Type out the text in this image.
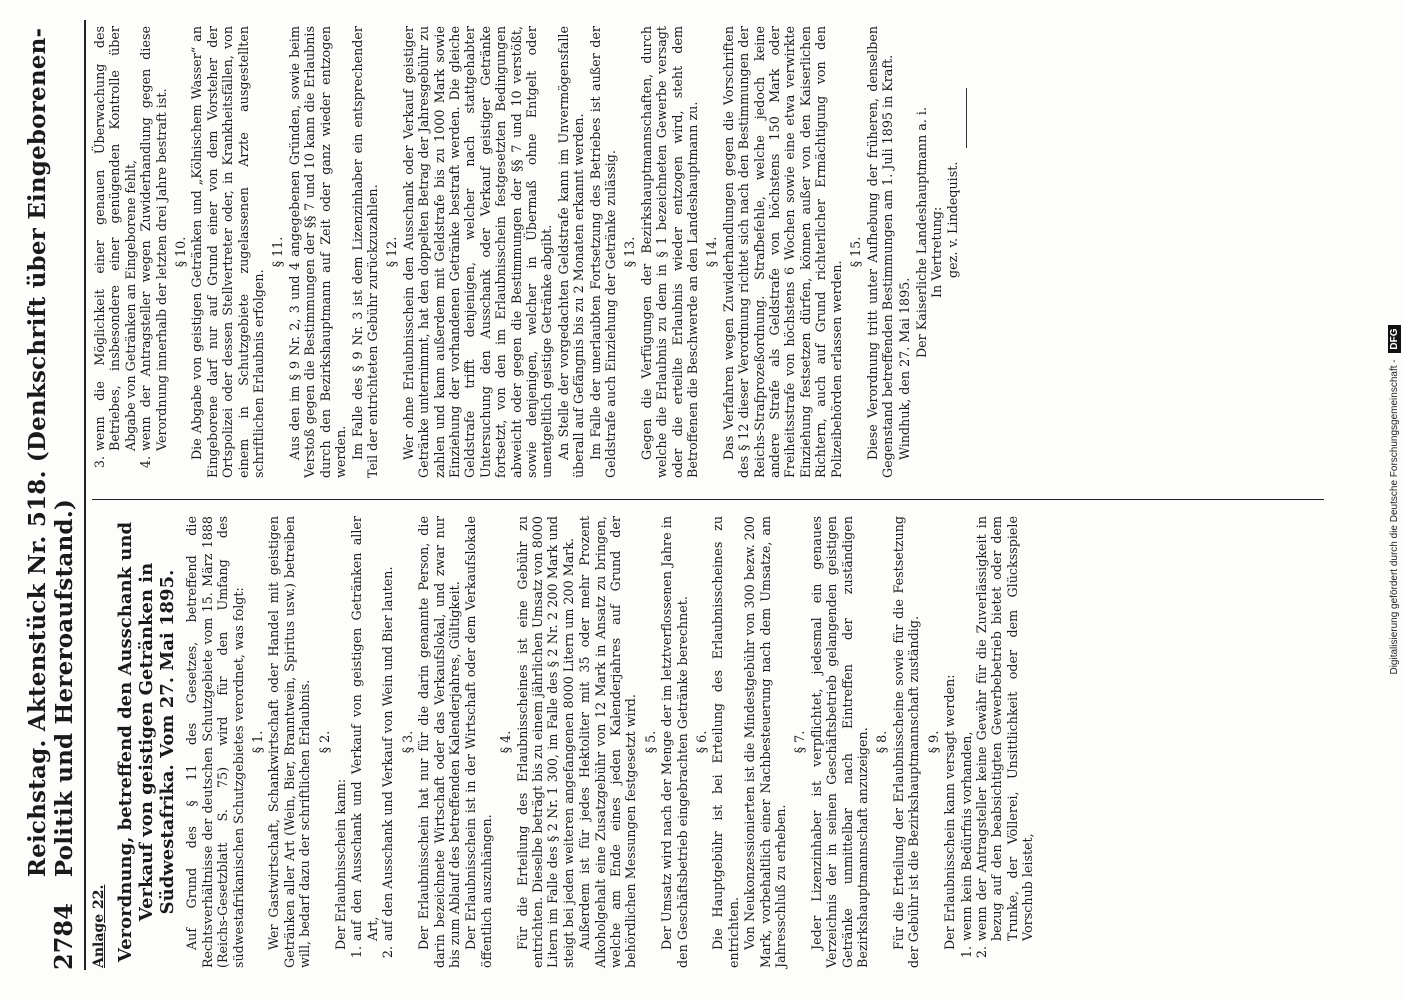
2784
Reichstag. Aktenstück Nr. 518. (Denkschrift über Eingeborenen-Politik und Hereroaufstand.)
Anlage 22. Verordnung, betreffend den Ausschank und Verkauf von geistigen Getränken in Südwestafrika. Vom 27. Mai 1895. Auf Grund des § 11 des Gesetzes, betreffend die Rechtsverhältnisse der deutschen Schutzgebiete vom 15. März 1888 (Reichs-Gesetzblatt S. 75) wird für den Umfang des südwestafrikanischen Schutzgebietes verordnet, was folgt: § 1. Wer Gastwirtschaft, Schankwirtschaft oder Handel mit geistigen Getränken aller Art (Wein, Bier, Branntwein, Spiritus usw.) betreiben will, bedarf dazu der schriftlichen Erlaubnis. § 2.

Der Erlaubnisschein kann:

1.
auf den Ausschank und Verkauf von geistigen Getränken aller Art,
2.
auf den Ausschank und Verkauf von Wein und Bier lauten. § 3. Der Erlaubnisschein hat nur für die darin genannte Person, die darin bezeichnete Wirtschaft oder das Verkaufslokal, und zwar nur bis zum Ablauf des betreffenden Kalenderjahres, Gültigkeit. Der Erlaubnisschein ist in der Wirtschaft oder dem Verkaufslokale öffentlich auszuhängen.

§ 4. Für die Erteilung des Erlaubnisscheines ist eine Gebühr zu entrichten. Dieselbe beträgt bis zu einem jährlichen Umsatz von 8000 Litern im Falle des § 2 Nr. 1 300, im Falle des § 2 Nr. 2 200 Mark und steigt bei jeden weiteren angefangenen 8000 Litern um 200 Mark. Außerdem ist für jedes Hektoliter mit 35 oder mehr Prozent Alkoholgehalt eine Zusatzgebühr von 12 Mark in Ansatz zu bringen, welche am Ende eines jeden Kalenderjahres auf Grund der behördlichen Messungen festgesetzt wird. § 5. Der Umsatz wird nach der Menge der im letztverflossenen Jahre in den Geschäftsbetrieb eingebrachten Getränke berechnet. § 6. Die Hauptgebühr ist bei Erteilung des Erlaubnisscheines zu entrichten. Von Neukonzessionierten ist die Mindestgebühr von 300 bezw. 200 Mark, vorbehaltlich einer Nachbesteuerung nach dem Umsatze, am Jahresschluß zu erheben.

§ 7. Jeder Lizenzinhaber ist verpflichtet, jedesmal ein genaues Verzeichnis der in seinen Geschäftsbetrieb gelangenden geistigen Getränke unmittelbar nach Eintreffen der zuständigen Bezirkshauptmannschaft anzuzeigen. § 8. Für die Erteilung der Erlaubnisscheine sowie für die Festsetzung der Gebühr ist die Bezirkshauptmannschaft zuständig. § 9. Der Erlaubnisschein kann versagt werden:

1.
wenn kein Bedürfnis vorhanden,
2.
wenn der Antragsteller keine Gewähr für die Zuverlässigkeit in bezug auf den beabsichtigten Gewerbebetrieb bietet oder dem Trunke, der Völlerei, Unsittlichkeit oder dem Glücksspiele Vorschub leistet,
3.
wenn die Möglichkeit einer genauen Überwachung des Betriebes, insbesondere einer genügenden Kontrolle über Abgabe von Getränken an Eingeborene fehlt,
4.
wenn der Antragsteller wegen Zuwiderhandlung gegen diese Verordnung innerhalb der letzten drei Jahre bestraft ist. § 10. Die Abgabe von geistigen Getränken und „Kölnischem Wasser“ an Eingeborene darf nur auf Grund einer von dem Vorsteher der Ortspolizei oder dessen Stellvertreter oder, in Krankheitsfällen, von einem in Schutzgebiete zugelassenen Arzte ausgestellten schriftlichen Erlaubnis erfolgen.

§ 11. Aus den im § 9 Nr. 2, 3 und 4 angegebenen Gründen, sowie beim Verstoß gegen die Bestimmungen der §§ 7 und 10 kann die Erlaubnis durch den Bezirkshauptmann auf Zeit oder ganz wieder entzogen werden. Im Falle des § 9 Nr. 3 ist dem Lizenzinhaber ein entsprechender Teil der entrichteten Gebühr zurückzuzahlen. § 12. Wer ohne Erlaubnisschein den Ausschank oder Verkauf geistiger Getränke unternimmt, hat den doppelten Betrag der Jahresgebühr zu zahlen und kann außerdem mit Geldstrafe bis zu 1000 Mark sowie Einziehung der vorhandenen Getränke bestraft werden. Die gleiche Geldstrafe trifft denjenigen, welcher nach stattgehabter Untersuchung den Ausschank oder Verkauf geistiger Getränke fortsetzt, von den im Erlaubnisschein festgesetzten Bedingungen abweicht oder gegen die Bestimmungen der §§ 7 und 10 verstößt, sowie denjenigen, welcher in Übermaß ohne Entgelt oder unentgeltlich geistige Getränke abgibt. An Stelle der vorgedachten Geldstrafe kann im Unvermögensfalle überall auf Gefängnis bis zu 2 Monaten erkannt werden. Im Falle der unerlaubten Fortsetzung des Betriebes ist außer der Geldstrafe auch Einziehung der Getränke zulässig. § 13. Gegen die Verfügungen der Bezirkshauptmannschaften, durch welche die Erlaubnis zu dem in § 1 bezeichneten Gewerbe versagt oder die erteilte Erlaubnis wieder entzogen wird, steht dem Betroffenen die Beschwerde an den Landeshauptmann zu. § 14. Das Verfahren wegen Zuwiderhandlungen gegen die Vorschriften des § 12 dieser Verordnung richtet sich nach den Bestimmungen der Reichs-Strafprozeßordnung. Strafbefehle, welche jedoch keine andere Strafe als Geldstrafe von höchstens 150 Mark oder Freiheitsstrafe von höchstens 6 Wochen sowie eine etwa verwirkte Einziehung festsetzen dürfen, können außer von den Kaiserlichen Richtern, auch auf Grund richterlicher Ermächtigung von den Polizeibehörden erlassen werden.

§ 15. Diese Verordnung tritt unter Aufhebung der früheren, denselben Gegenstand betreffenden Bestimmungen am 1. Juli 1895 in Kraft. Windhuk, den 27. Mai 1895.

Der Kaiserliche Landeshauptmann a. i. In Vertretung: gez. v. Lindequist.
Digitalisierung gefördert durch die Deutsche Forschungsgemeinschaft - DFG
